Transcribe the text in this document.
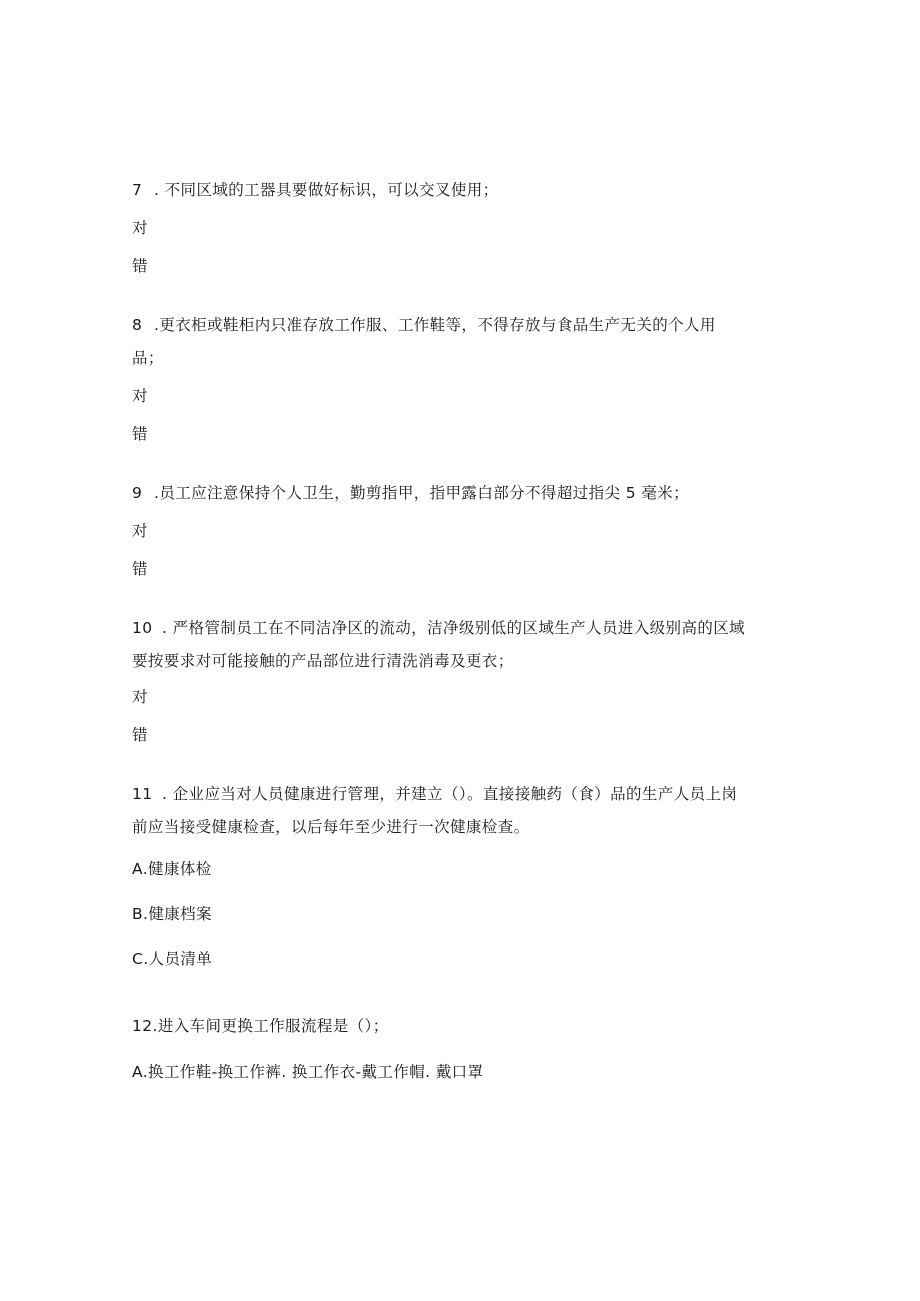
7 . 不同区域的工器具要做好标识，可以交叉使用；
对
错
8 .更衣柜或鞋柜内只准存放工作服、工作鞋等，不得存放与食品生产无关的个人用
品；
对
错
9 .员工应注意保持个人卫生，勤剪指甲，指甲露白部分不得超过指尖 5 毫米；
对
错
10 . 严格管制员工在不同洁净区的流动，洁净级别低的区域生产人员进入级别高的区域
要按要求对可能接触的产品部位进行清洗消毒及更衣；
对
错
11 . 企业应当对人员健康进行管理，并建立（）。直接接触药（食）品的生产人员上岗
前应当接受健康检查，以后每年至少进行一次健康检查。
A.健康体检
B.健康档案
C.人员清单
12.进入车间更换工作服流程是（）；
A.换工作鞋-换工作裤. 换工作衣-戴工作帽. 戴口罩
